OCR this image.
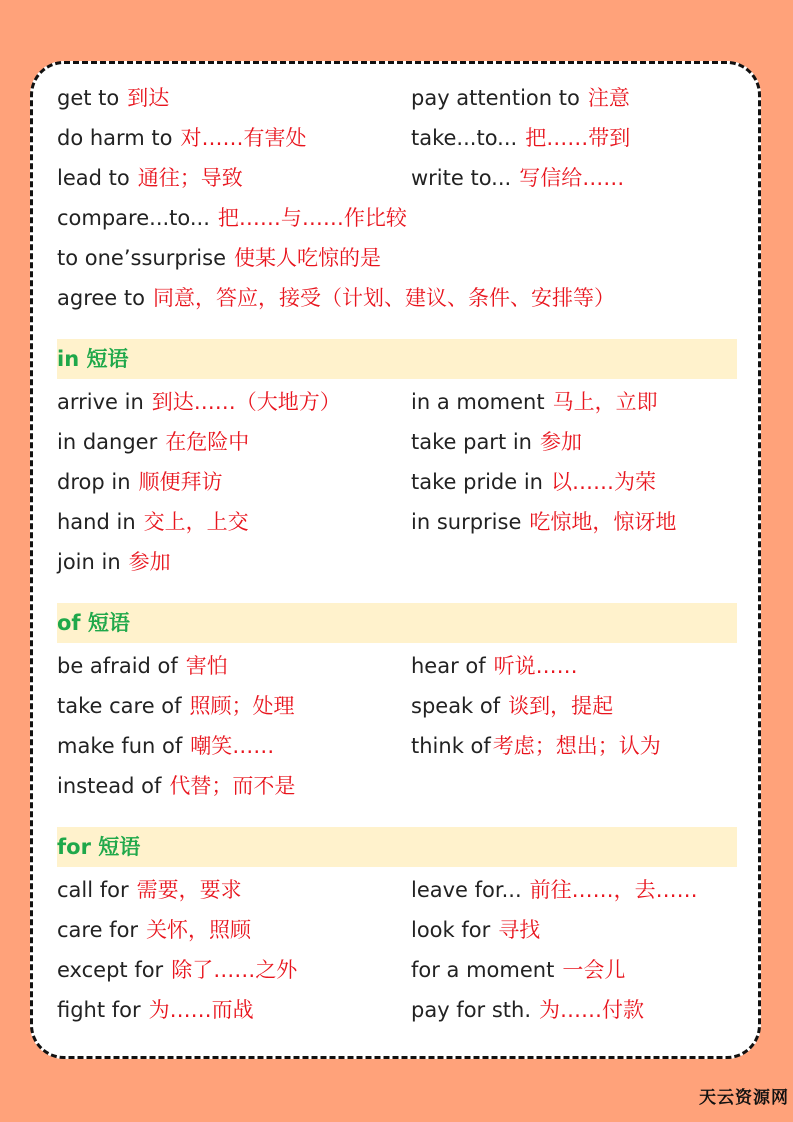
get to 到达	pay attention to 注意
do harm to 对……有害处	take...to... 把……带到
lead to 通往；导致	write to... 写信给……
compare...to... 把……与……作比较
to one’ssurprise 使某人吃惊的是
agree to 同意，答应，接受（计划、建议、条件、安排等）
in 短语
arrive in 到达……（大地方）	in a moment 马上，立即
in danger 在危险中	take part in 参加
drop in 顺便拜访	take pride in 以……为荣
hand in 交上，上交	in surprise 吃惊地，惊讶地
join in 参加
of 短语
be afraid of 害怕	hear of 听说……
take care of 照顾；处理	speak of 谈到，提起
make fun of 嘲笑……	think of考虑；想出；认为
instead of 代替；而不是
for 短语
call for 需要，要求	leave for... 前往……，去……
care for 关怀，照顾	look for 寻找
except for 除了……之外	for a moment 一会儿
fight for 为……而战	pay for sth. 为……付款
天云资源网
